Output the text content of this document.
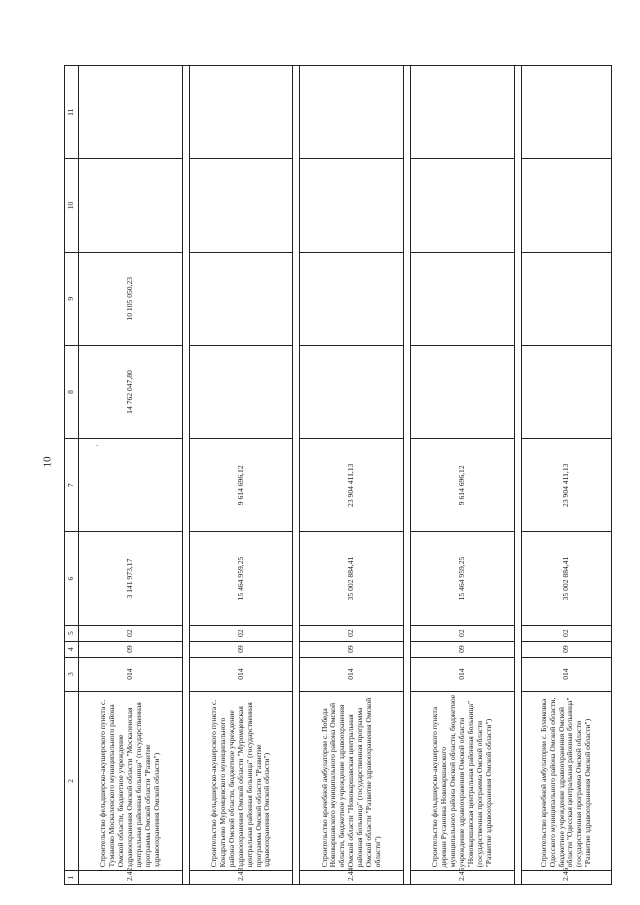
10
.
1	2	3	4	5	6	7	8	9	10	11
2.42	Строительство фельдшерско-акушерского пункта с. Туманово Москаленского муниципального района Омской области, бюджетное учреждение здравоохранения Омской области "Москаленская центральная районная больница" (государственная программа Омской области "Развитие здравоохранения Омской области")	014	09	02	3 141 973,17		14 762 047,80	10 105 050,23		

2.43	Строительство фельдшерско-акушерского пункта с. Кондратьево Муромцевского муниципального района Омской области, бюджетное учреждение здравоохранения Омской области "Муромцевская центральная районная больница" (государственная программа Омской области "Развитие здравоохранения Омской области")	014	09	02	15 464 959,25	9 614 696,12				

2.44	Строительство врачебной амбулатории с. Победа Нововаршавского муниципального района Омской области, бюджетное учреждение здравоохранения Омской области "Нововаршавская центральная районная больница" (государственная программа Омской области "Развитие здравоохранения Омской области")	014	09	02	35 002 884,41	23 904 411,13				

2.45	Строительство фельдшерско-акушерского пункта деревни Русановка Нововаршавского муниципального района Омской области, бюджетное учреждение здравоохранения Омской области "Нововаршавская центральная районная больница" (государственная программа Омской области "Развитие здравоохранения Омской области")	014	09	02	15 464 959,25	9 614 696,12				

2.46	Строительство врачебной амбулатории с. Буняковка Одесского муниципального района Омской области, бюджетное учреждение здравоохранения Омской области "Одесская центральная районная больница" (государственная программа Омской области "Развитие здравоохранения Омской области")	014	09	02	35 002 884,41	23 904 411,13				
